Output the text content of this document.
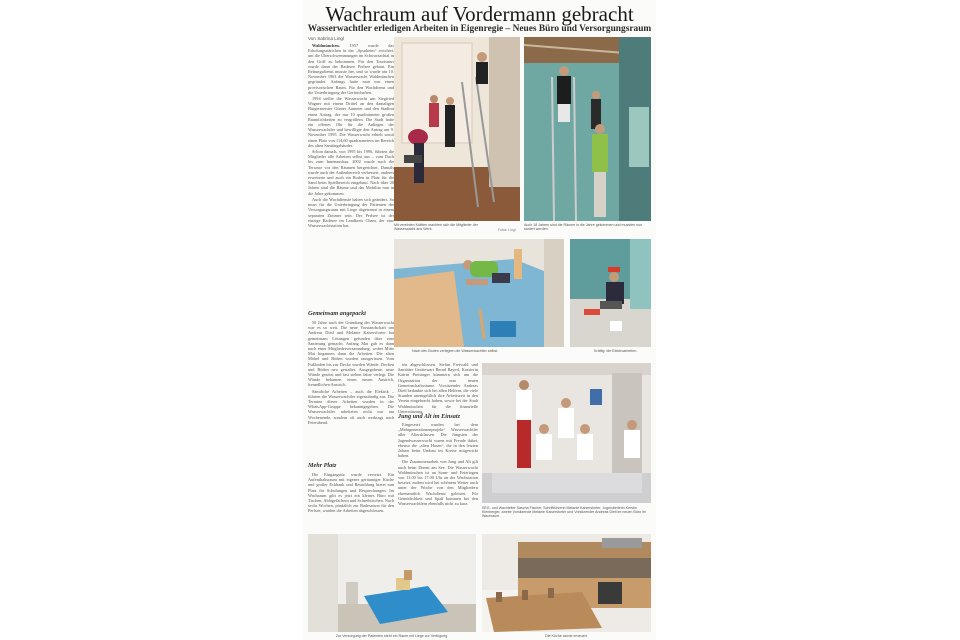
Wachraum auf Vordermann gebracht
Wasserwachtler erledigen Arbeiten in Eigenregie – Neues Büro und Versorgungsraum
Von Sabrina Lingl

Waldmünchen. 1957 wurde das Erholungsstättchen in der „Spurheim“ errichtet, um die Überschwemmungen im Schwarzachtal in den Griff zu bekommen. Für den Tourismus wurde dann der Badesee Perlsee gebaut. Ein Rettungsdienst musste her, und so wurde am 10. November 1963 die Wasserwacht Waldmünchen gegründet. Anfangs hatte man nur einen provisorischen Raum. Für den Wachdienst und die Unterbringung der Gerätschaften.

1994 stellte die Wasserwacht um Siegfried Wagner mit einem Drittel an den damaligen Bürgermeister Günter Aumeier und den Stadtrat einen Antrag, der nur 10 quadratmeter großen Raumlichkeiten zu vergrößern. Die Stadt hatte ein offenes Ohr für die Anliegen der Wasserwachtler und bewilligte den Antrag am 9. November 1995. Die Wasserwacht erhielt somit einen Platz von 114,60 quadratmetern im Bereich des alten Sanitärgebäudes.

Schon damals, von 1995 bis 1996, führten die Mitglieder alle Arbeiten selbst aus – vom Dach bis zum Innenausbau. 2002 wurde auch die Terrasse vor den Räumen hergerichtet. Damals wurde auch der Außenbereich verbessert, anderes erweiterte und auch ein Boden in Platz für die Sand beim Spielbereich eingebaut. Nach über 20 Jahren sind die Räume und das Mobiliar nun in die Jahre gekommen.

Auch die Wachdienste haben sich geändert. So muss für die Unterbringung der Patienten der Versorgungsraum mit Liege abgetrennt in einem separaten Zimmer sein. Der Perlsee ist der einzige Badesee im Landkreis Cham, der eine Wasserwachtstation hat.

Gemeinsam angepackt

50 Jahre nach der Gründung der Wasserwacht war es so weit. Die neue Vorstandschaft um Andreas Dietl und Melanie Kaisersforter hat gemeinsam Lösungen gefunden über eine Sanierung gemacht. Anfang Mai gab es dann nach einer Mitgliederversammlung, wobei Mitte Mai begannen dann die Arbeiten. Die alten Möbel und Böden wurden rausgerissen. Vom Fußboden bis zur Decke wurden Wände, Decken und Böden neu gestaltet. Ausgegebene, neue Wände gesetzt und fast sieben Jahre verlegt. Die Wände bekamen einen neuen Anstrich, freundlichen Anstrich.

Sämtliche Arbeiten – auch die Elektrik – führten die Wasserwachtler eigenständig aus. Die Termine dieser Arbeiten wurden in der WhatsApp-Gruppe bekanntgegeben. Die Wasserwachtler arbeiteten nicht nur am Wochenende, sondern oft auch werktags nach Feierabend.

Mehr Platz

Die Eingangstür wurde versetzt. Ein Aufenthaltsraum mit eigener geräumiger Küche und großer Eckbank und Bestuhlung bietet nun Platz für Schulungen und Besprechungen. Im Wachraum gibt es jetzt ein kleines Büro mit Tischen, Ablagefächern und Schreibtischen. Nach sechs Wochen, pünktlich zur Badesaison für den Perlsee, wurden die Arbeiten abgeschlossen.

ten abgeschlossen. Stefan Freiwald und Sanitäter Gerätewart Bernd Bayerl, Kassierin Katrin Preisinger kümmern sich um die Organisation der nun neuen Gemeinschaftsräume. Vorsitzender Andreas Dietl bedankte sich bei allen Helfern, die viele Stunden unentgeltlich ihre Arbeitszeit in den Verein eingebracht haben, sowie bei der Stadt Waldmünchen für die finanzielle Unterstützung.

Jung und Alt im Einsatz

Eingesetzt wurden bei dem „Mehrgenerationenprojekt“ Wasserwachtler aller Altersklassen. Die Jüngsten der Jugendwasserwacht waren mit Freude dabei, ebenso die „alten Hasen“, die in den letzten Jahren beim Umbau im Kreise mitgewirkt haben.

Die Zusammenarbeit von Jung und Alt gilt auch beim Dienst am See. Die Wasserwacht Waldmünchen ist an Sonn- und Feiertagen von 13.00 bis 17.00 Uhr an der Wachstation besetzt, zudem wird bei schönem Wetter auch unter der Woche von den Mitgliedern ehrenamtlich Wachdienst geleistet. Für Gemütlichkeit und Spaß kommen bei den Wasserwachtlern ebenfalls nicht zu kurz.

Mit vereinten Kräften machten sich die Mitglieder der Wasserwacht ans Werk.	Fotos: Lingl
Auch 18 Jahren sind die Räume in die Jahre gekommen und mussten nun saniert werden.
Nach den Boden verlegten die Wasserwachtler selbst.	Kräftig: die Elektroarbeiten.
SEG- und Wachleiter Sascha Fischer, Schriftführerin Melanie Kaisersforter, Jugendleiterin Kerstin Kienberger, zweite Vorsitzende Melanie Kaisersforter und Vorsitzender Andreas Dietl im neuen Büro im Wachraum.
Zur Versorgung der Patienten steht ein Raum mit Liege zur Verfügung.	Die Küche wurde erneuert.
